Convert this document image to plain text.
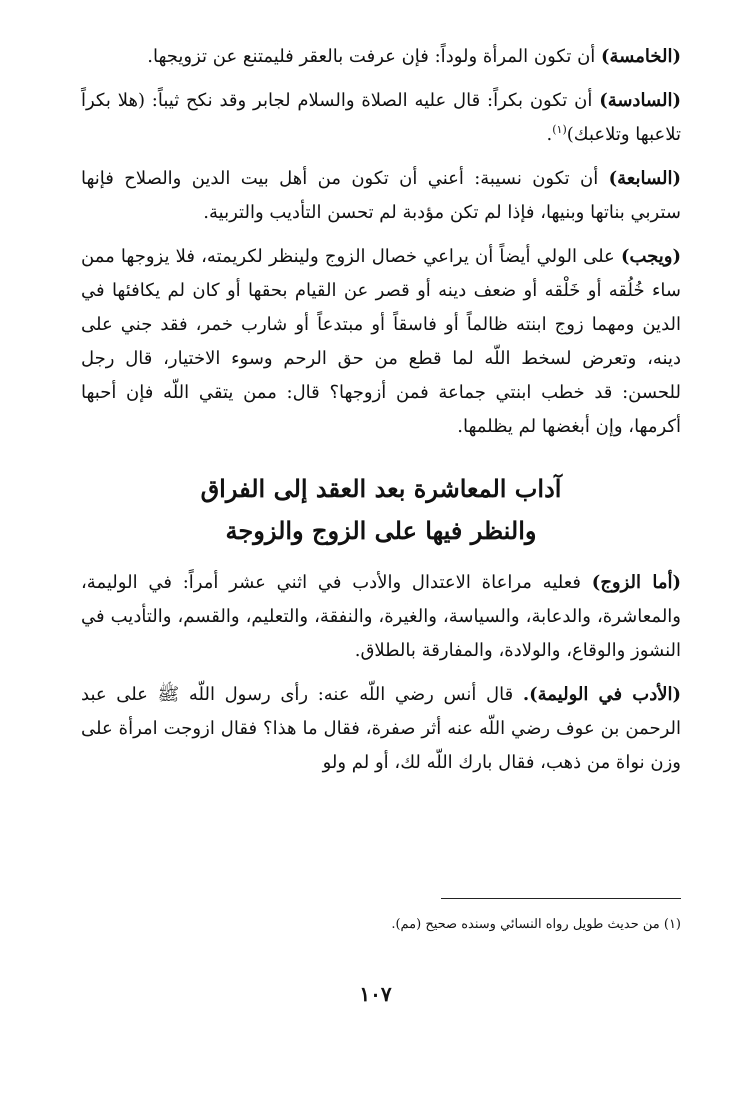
(الخامسة) أن تكون المرأة ولوداً: فإن عرفت بالعقر فليمتنع عن تزويجها.

(السادسة) أن تكون بكراً: قال عليه الصلاة والسلام لجابر وقد نكح ثيباً: (هلا بكراً تلاعبها وتلاعبك)$^{(١)}$.

(السابعة) أن تكون نسيبة: أعني أن تكون من أهل بيت الدين والصلاح فإنها ستربي بناتها وبنيها، فإذا لم تكن مؤدبة لم تحسن التأديب والتربية.

(ويجب) على الولي أيضاً أن يراعي خصال الزوج ولينظر لكريمته، فلا يزوجها ممن ساء خُلُقه أو خَلْقه أو ضعف دينه أو قصر عن القيام بحقها أو كان لم يكافئها في الدين ومهما زوج ابنته ظالماً أو فاسقاً أو مبتدعاً أو شارب خمر، فقد جني على دينه، وتعرض لسخط اللّه لما قطع من حق الرحم وسوء الاختيار، قال رجل للحسن: قد خطب ابنتي جماعة فمن أزوجها؟ قال: ممن يتقي اللّه فإن أحبها أكرمها، وإن أبغضها لم يظلمها.

آداب المعاشرة بعد العقد إلى الفراق
والنظر فيها على الزوج والزوجة

(أما الزوج) فعليه مراعاة الاعتدال والأدب في اثني عشر أمراً: في الوليمة، والمعاشرة، والدعابة، والسياسة، والغيرة، والنفقة، والتعليم، والقسم، والتأديب في النشوز والوقاع، والولادة، والمفارقة بالطلاق.

(الأدب في الوليمة). قال أنس رضي اللّه عنه: رأى رسول اللّه ﷺ على عبد الرحمن بن عوف رضي اللّه عنه أثر صفرة، فقال ما هذا؟ فقال ازوجت امرأة على وزن نواة من ذهب، فقال بارك اللّه لك، أو لم ولو

(١) من حديث طويل رواه النسائي وسنده صحيح (مم).
١٠٧
